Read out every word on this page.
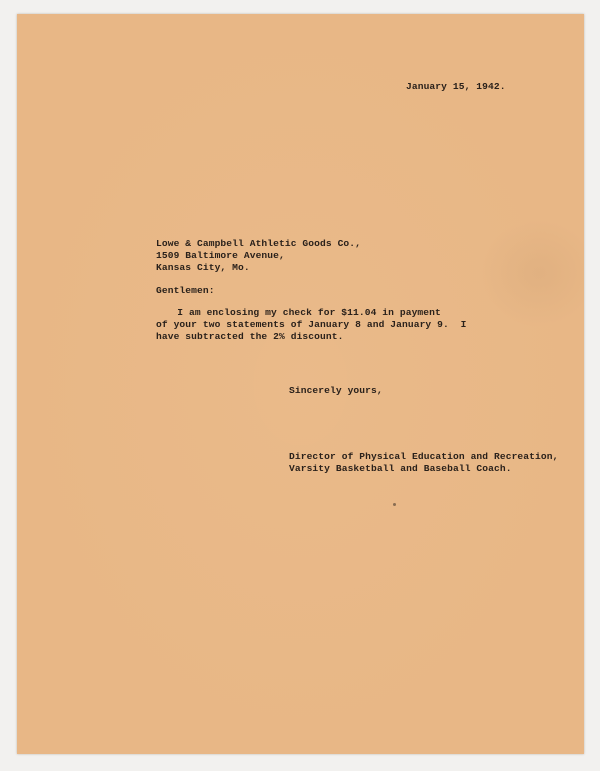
January 15, 1942.
Lowe & Campbell Athletic Goods Co.,
1509 Baltimore Avenue,
Kansas City, Mo.
Gentlemen:
I am enclosing my check for $11.04 in payment
of your two statements of January 8 and January 9.  I
have subtracted the 2% discount.
Sincerely yours,
Director of Physical Education and Recreation,
Varsity Basketball and Baseball Coach.
